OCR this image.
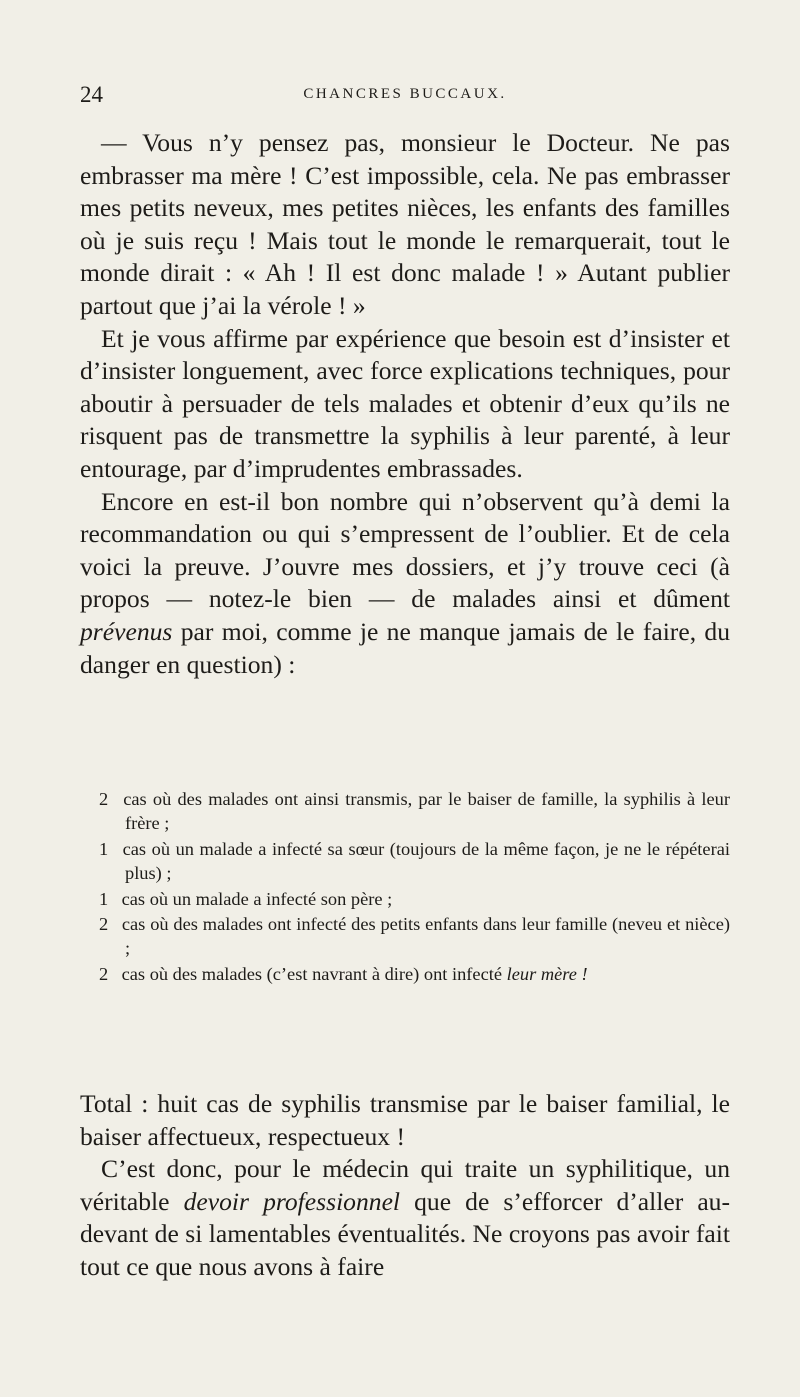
24	CHANCRES BUCCAUX.

— Vous n’y pensez pas, monsieur le Docteur. Ne pas embrasser ma mère ! C’est impossible, cela. Ne pas embrasser mes petits neveux, mes petites nièces, les enfants des familles où je suis reçu ! Mais tout le monde le remarquerait, tout le monde dirait : « Ah ! Il est donc malade ! » Autant publier partout que j’ai la vérole ! »

Et je vous affirme par expérience que besoin est d’insister et d’insister longuement, avec force explications techniques, pour aboutir à persuader de tels malades et obtenir d’eux qu’ils ne risquent pas de transmettre la syphilis à leur parenté, à leur entourage, par d’imprudentes embrassades.

Encore en est-il bon nombre qui n’observent qu’à demi la recommandation ou qui s’empressent de l’oublier. Et de cela voici la preuve. J’ouvre mes dossiers, et j’y trouve ceci (à propos — notez-le bien — de malades ainsi et dûment prévenus par moi, comme je ne manque jamais de le faire, du danger en question) :

2 cas où des malades ont ainsi transmis, par le baiser de famille, la syphilis à leur frère ;

1 cas où un malade a infecté sa sœur (toujours de la même façon, je ne le répéterai plus) ;

1 cas où un malade a infecté son père ;

2 cas où des malades ont infecté des petits enfants dans leur famille (neveu et nièce) ;

2 cas où des malades (c’est navrant à dire) ont infecté leur mère !

Total : huit cas de syphilis transmise par le baiser familial, le baiser affectueux, respectueux !

C’est donc, pour le médecin qui traite un syphilitique, un véritable devoir professionnel que de s’efforcer d’aller au-devant de si lamentables éventualités. Ne croyons pas avoir fait tout ce que nous avons à faire
